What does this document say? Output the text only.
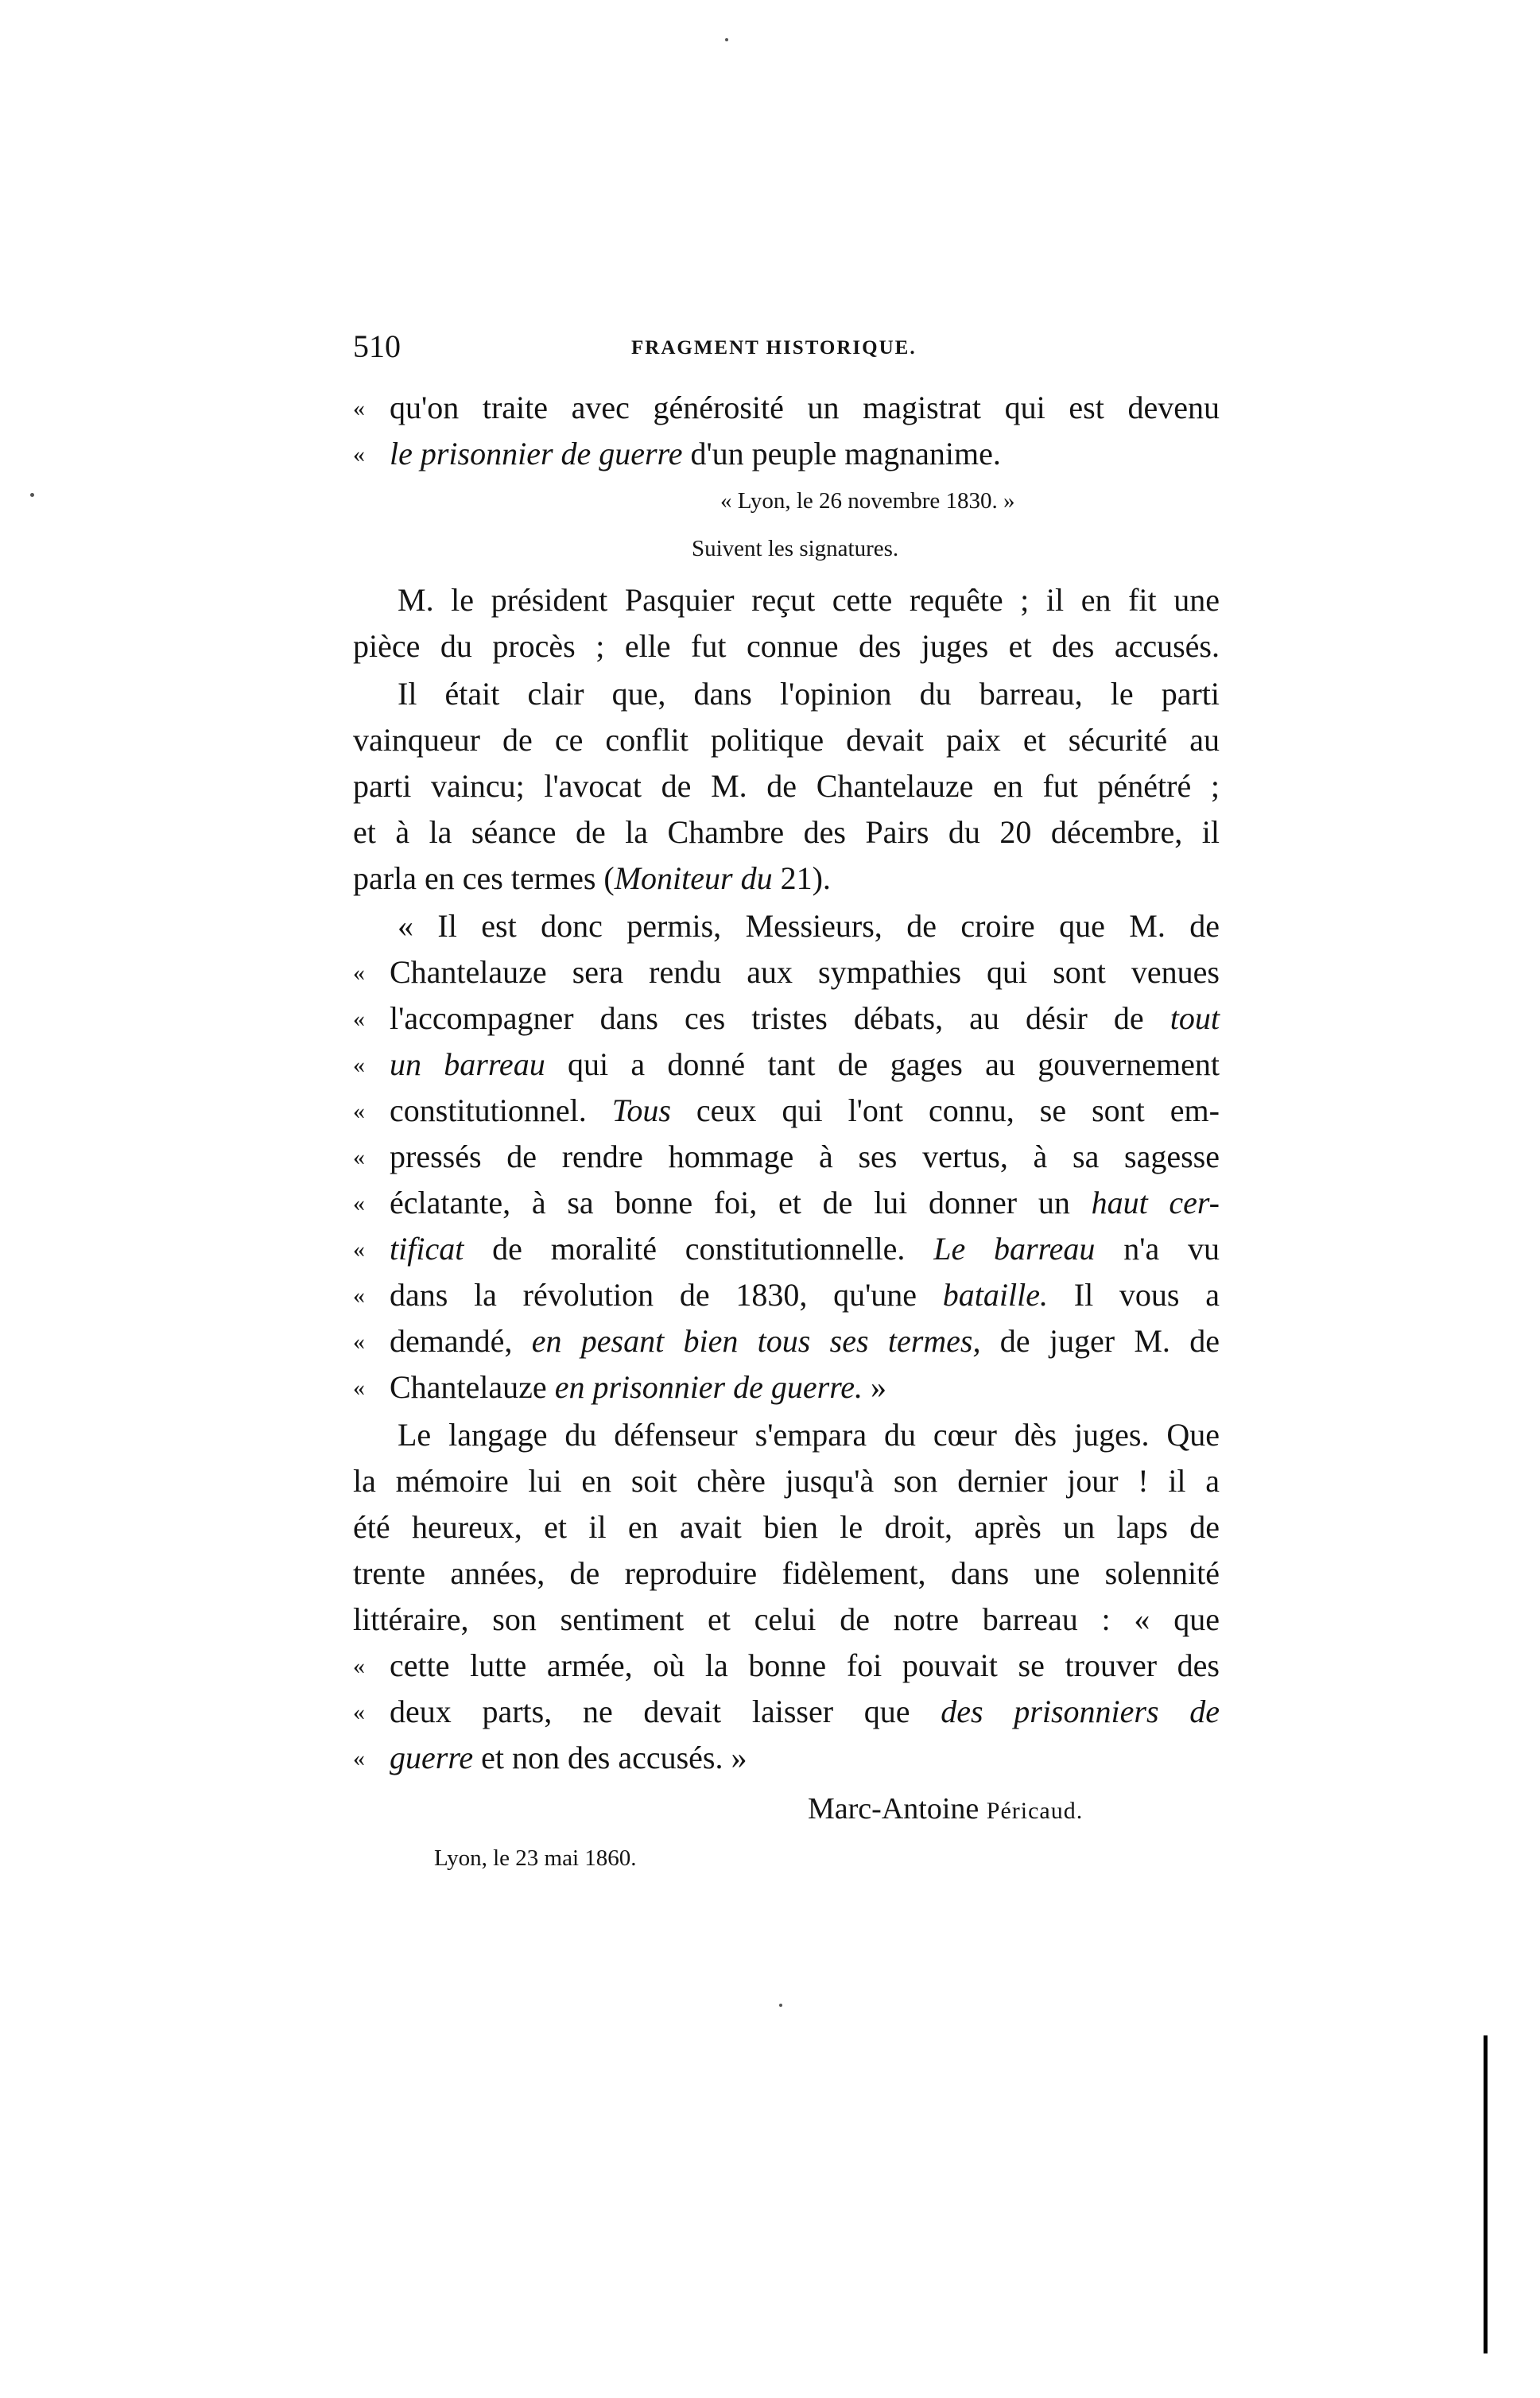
510	FRAGMENT HISTORIQUE.
« qu'on traite avec générosité un magistrat qui est devenu
« le prisonnier de guerre d'un peuple magnanime.
« Lyon, le 26 novembre 1830. »
Suivent les signatures.
M. le président Pasquier reçut cette requête ; il en fit une
pièce du procès ; elle fut connue des juges et des accusés.
Il était clair que, dans l'opinion du barreau, le parti
vainqueur de ce conflit politique devait paix et sécurité au
parti vaincu; l'avocat de M. de Chantelauze en fut pénétré ;
et à la séance de la Chambre des Pairs du 20 décembre, il
parla en ces termes (Moniteur du 21).
« Il est donc permis, Messieurs, de croire que M. de
« Chantelauze sera rendu aux sympathies qui sont venues
« l'accompagner dans ces tristes débats, au désir de tout
« un barreau qui a donné tant de gages au gouvernement
« constitutionnel. Tous ceux qui l'ont connu, se sont em-
« pressés de rendre hommage à ses vertus, à sa sagesse
« éclatante, à sa bonne foi, et de lui donner un haut cer-
« tificat de moralité constitutionnelle. Le barreau n'a vu
« dans la révolution de 1830, qu'une bataille. Il vous a
« demandé, en pesant bien tous ses termes, de juger M. de
« Chantelauze en prisonnier de guerre. »
Le langage du défenseur s'empara du cœur dès juges. Que
la mémoire lui en soit chère jusqu'à son dernier jour ! il a
été heureux, et il en avait bien le droit, après un laps de
trente années, de reproduire fidèlement, dans une solennité
littéraire, son sentiment et celui de notre barreau : « que
« cette lutte armée, où la bonne foi pouvait se trouver des
« deux parts, ne devait laisser que des prisonniers de
« guerre et non des accusés. »
Marc-Antoine Péricaud.
Lyon, le 23 mai 1860.
